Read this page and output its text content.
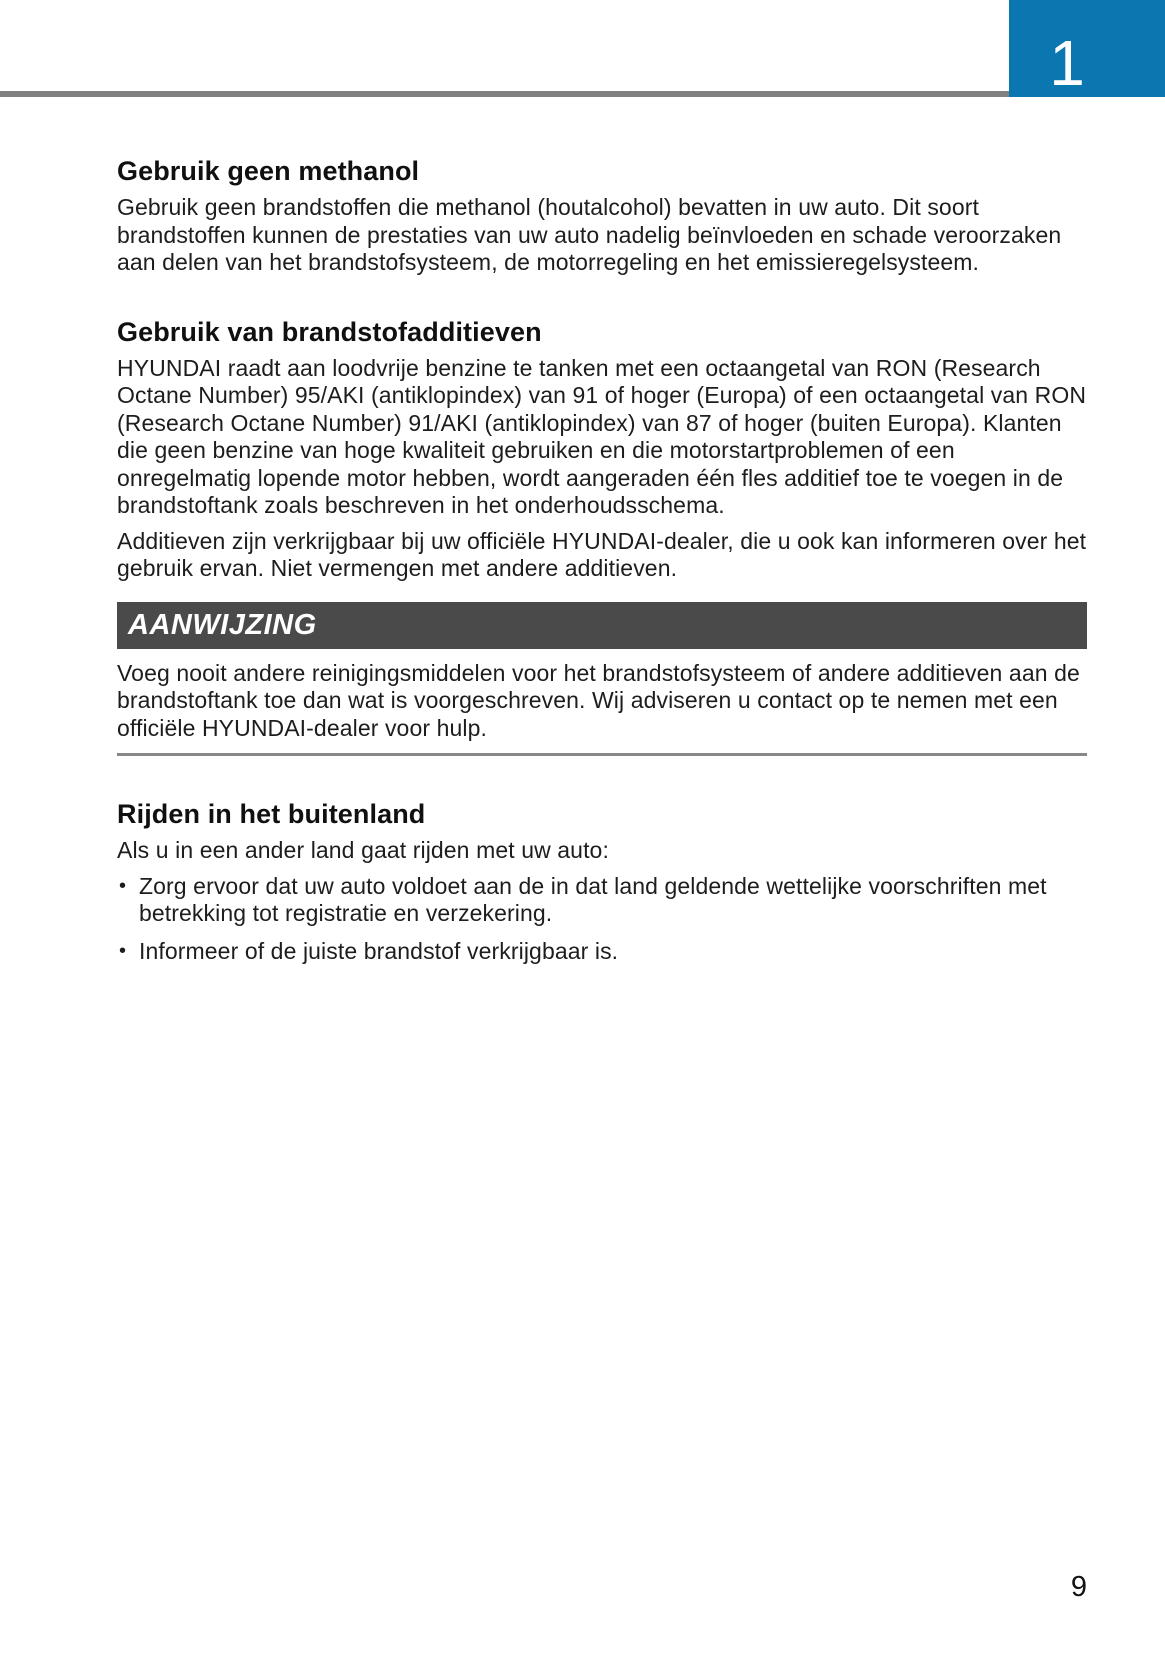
1
Gebruik geen methanol

Gebruik geen brandstoffen die methanol (houtalcohol) bevatten in uw auto. Dit soort brandstoffen kunnen de prestaties van uw auto nadelig beïnvloeden en schade veroorzaken aan delen van het brandstofsysteem, de motorregeling en het emissieregelsysteem.

Gebruik van brandstofadditieven

HYUNDAI raadt aan loodvrije benzine te tanken met een octaangetal van RON (Research Octane Number) 95/AKI (antiklopindex) van 91 of hoger (Europa) of een octaangetal van RON (Research Octane Number) 91/AKI (antiklopindex) van 87 of hoger (buiten Europa). Klanten die geen benzine van hoge kwaliteit gebruiken en die motorstartproblemen of een onregelmatig lopende motor hebben, wordt aangeraden één fles additief toe te voegen in de brandstoftank zoals beschreven in het onderhoudsschema.

Additieven zijn verkrijgbaar bij uw officiële HYUNDAI-dealer, die u ook kan informeren over het gebruik ervan. Niet vermengen met andere additieven.

AANWIJZING

Voeg nooit andere reinigingsmiddelen voor het brandstofsysteem of andere additieven aan de brandstoftank toe dan wat is voorgeschreven. Wij adviseren u contact op te nemen met een officiële HYUNDAI-dealer voor hulp.

Rijden in het buitenland

Als u in een ander land gaat rijden met uw auto:

• Zorg ervoor dat uw auto voldoet aan de in dat land geldende wettelijke voorschriften met betrekking tot registratie en verzekering.
• Informeer of de juiste brandstof verkrijgbaar is.
9
